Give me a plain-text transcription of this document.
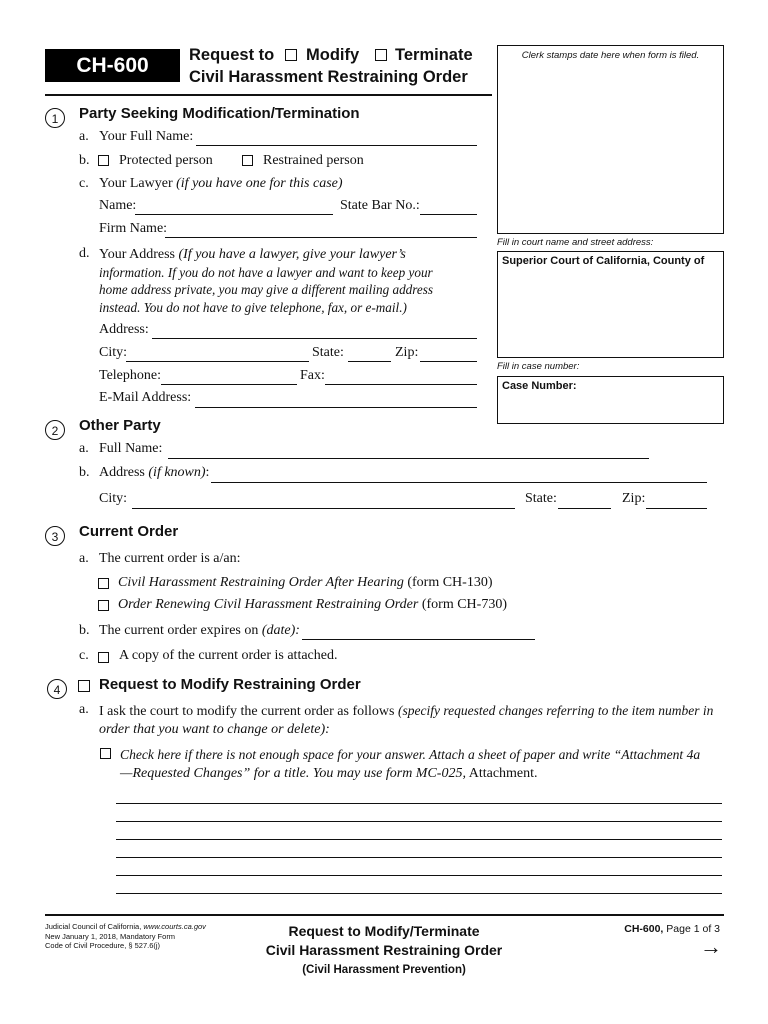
CH-600	Request to Modify Terminate
Civil Harassment Restraining Order
Clerk stamps date here when form is filed.
Fill in court name and street address:
Superior Court of California, County of
Fill in case number:
Case Number:
1	Party Seeking Modification/Termination
a. Your Full Name:
b. Protected person	Restrained person
c. Your Lawyer (if you have one for this case)
Name:	State Bar No.:
Firm Name:
d. Your Address (If you have a lawyer, give your lawyer’s
information. If you do not have a lawyer and want to keep your
home address private, you may give a different mailing address
instead. You do not have to give telephone, fax, or e-mail.)
Address:
City:	State:	Zip:
Telephone:	Fax:
E-Mail Address:
2	Other Party
a. Full Name:
b. Address (if known):
City:	State:	Zip:
3	Current Order
a. The current order is a/an:
Civil Harassment Restraining Order After Hearing (form CH-130)
Order Renewing Civil Harassment Restraining Order (form CH-730)
b. The current order expires on (date):
c. A copy of the current order is attached.
4	Request to Modify Restraining Order
a. I ask the court to modify the current order as follows (specify requested changes referring to the item number in
order that you want to change or delete):
Check here if there is not enough space for your answer. Attach a sheet of paper and write “Attachment 4a
—Requested Changes” for a title. You may use form MC-025, Attachment.
Judicial Council of California, www.courts.ca.gov
New January 1, 2018, Mandatory Form
Code of Civil Procedure, § 527.6(j)
Request to Modify/Terminate
Civil Harassment Restraining Order
(Civil Harassment Prevention)
CH-600, Page 1 of 3
→
